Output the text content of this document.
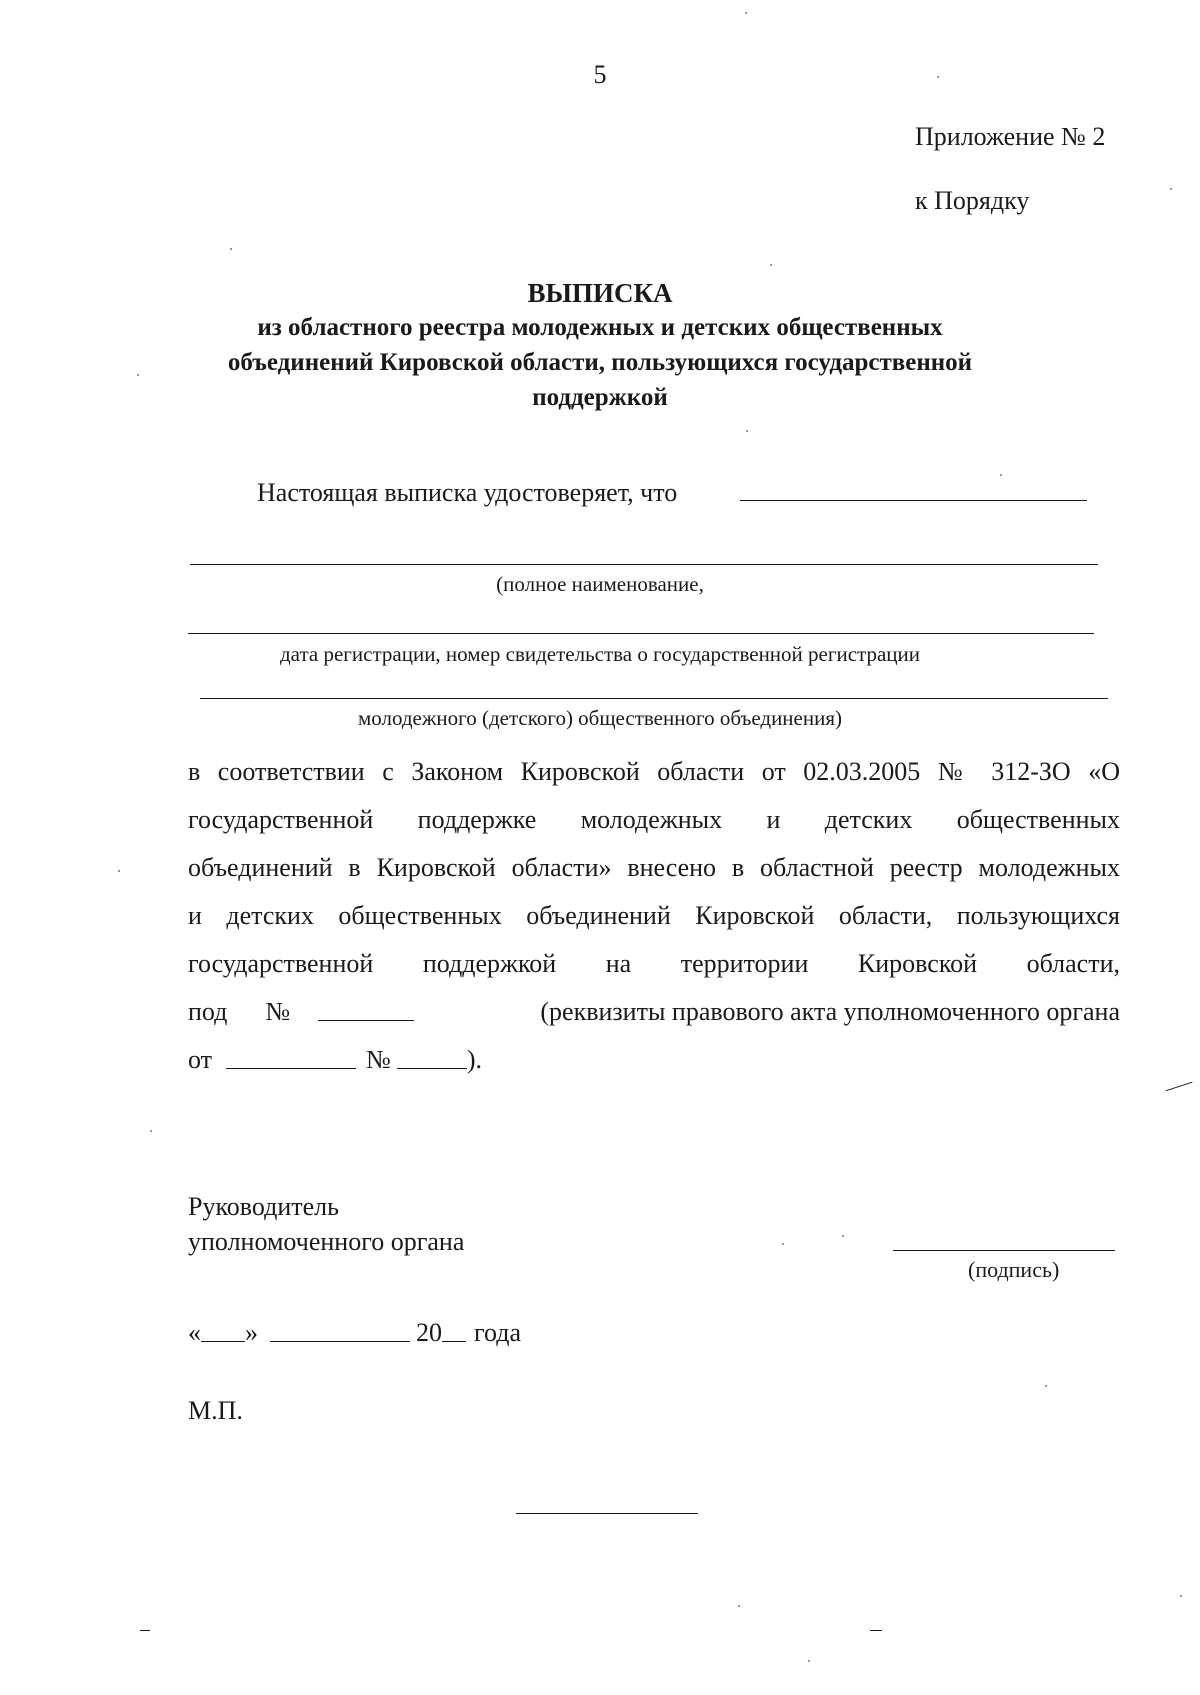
5
Приложение № 2
к Порядку
ВЫПИСКА
из областного реестра молодежных и детских общественных
объединений Кировской области, пользующихся государственной
поддержкой
Настоящая выписка удостоверяет, что
(полное наименование,
дата регистрации, номер свидетельства о государственной регистрации
молодежного (детского) общественного объединения)
в соответствии с Законом Кировской области от 02.03.2005 № 312-ЗО «О
государственной поддержке молодежных и детских общественных
объединений в Кировской области» внесено в областной реестр молодежных
и детских общественных объединений Кировской области, пользующихся
государственной поддержкой на территории Кировской области,
под №	(реквизиты правового акта уполномоченного органа
от	№	).
Руководитель
уполномоченного органа
(подпись)
« »	20 года
М.П.
